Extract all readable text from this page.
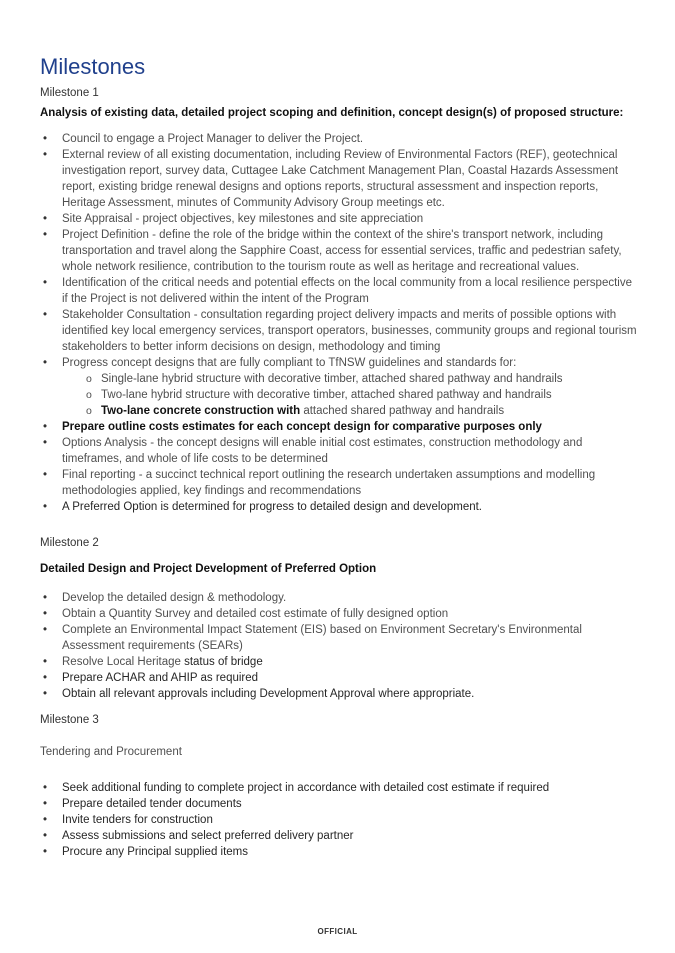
Milestones
Milestone 1

Analysis of existing data, detailed project scoping and definition, concept design(s) of proposed structure:

•	Council to engage a Project Manager to deliver the Project.
•	External review of all existing documentation, including Review of Environmental Factors (REF), geotechnical investigation report, survey data, Cuttagee Lake Catchment Management Plan, Coastal Hazards Assessment report, existing bridge renewal designs and options reports, structural assessment and inspection reports, Heritage Assessment, minutes of Community Advisory Group meetings etc.
•	Site Appraisal - project objectives, key milestones and site appreciation
•	Project Definition - define the role of the bridge within the context of the shire's transport network, including transportation and travel along the Sapphire Coast, access for essential services, traffic and pedestrian safety, whole network resilience, contribution to the tourism route as well as heritage and recreational values.
•	Identification of the critical needs and potential effects on the local community from a local resilience perspective if the Project is not delivered within the intent of the Program
•	Stakeholder Consultation - consultation regarding project delivery impacts and merits of possible options with identified key local emergency services, transport operators, businesses, community groups and regional tourism stakeholders to better inform decisions on design, methodology and timing
•	Progress concept designs that are fully compliant to TfNSW guidelines and standards for:
o Single-lane hybrid structure with decorative timber, attached shared pathway and handrails
o Two-lane hybrid structure with decorative timber, attached shared pathway and handrails
o Two-lane concrete construction with attached shared pathway and handrails
•	Prepare outline costs estimates for each concept design for comparative purposes only
•	Options Analysis - the concept designs will enable initial cost estimates, construction methodology and timeframes, and whole of life costs to be determined
•	Final reporting - a succinct technical report outlining the research undertaken assumptions and modelling methodologies applied, key findings and recommendations
•	A Preferred Option is determined for progress to detailed design and development.
Milestone 2

Detailed Design and Project Development of Preferred Option

•	Develop the detailed design & methodology.
•	Obtain a Quantity Survey and detailed cost estimate of fully designed option
•	Complete an Environmental Impact Statement (EIS) based on Environment Secretary's Environmental Assessment requirements (SEARs)
•	Resolve Local Heritage status of bridge
•	Prepare ACHAR and AHIP as required
•	Obtain all relevant approvals including Development Approval where appropriate.
Milestone 3

Tendering and Procurement

•	Seek additional funding to complete project in accordance with detailed cost estimate if required
•	Prepare detailed tender documents
•	Invite tenders for construction
•	Assess submissions and select preferred delivery partner
•	Procure any Principal supplied items
OFFICIAL
